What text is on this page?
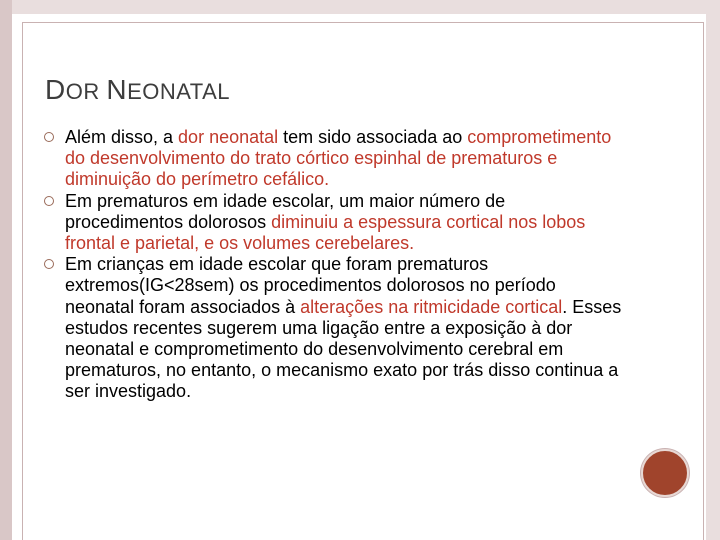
DOR NEONATAL
Além disso, a dor neonatal tem sido associada ao comprometimento do desenvolvimento do trato córtico espinhal de prematuros e diminuição do perímetro cefálico.
Em prematuros em idade escolar, um maior número de procedimentos dolorosos diminuiu a espessura cortical nos lobos frontal e parietal, e os volumes cerebelares.
Em crianças em idade escolar que foram prematuros extremos(IG<28sem) os procedimentos dolorosos no período neonatal foram associados à alterações na ritmicidade cortical. Esses estudos recentes sugerem uma ligação entre a exposição à dor neonatal e comprometimento do desenvolvimento cerebral em prematuros, no entanto, o mecanismo exato por trás disso continua a ser investigado.
